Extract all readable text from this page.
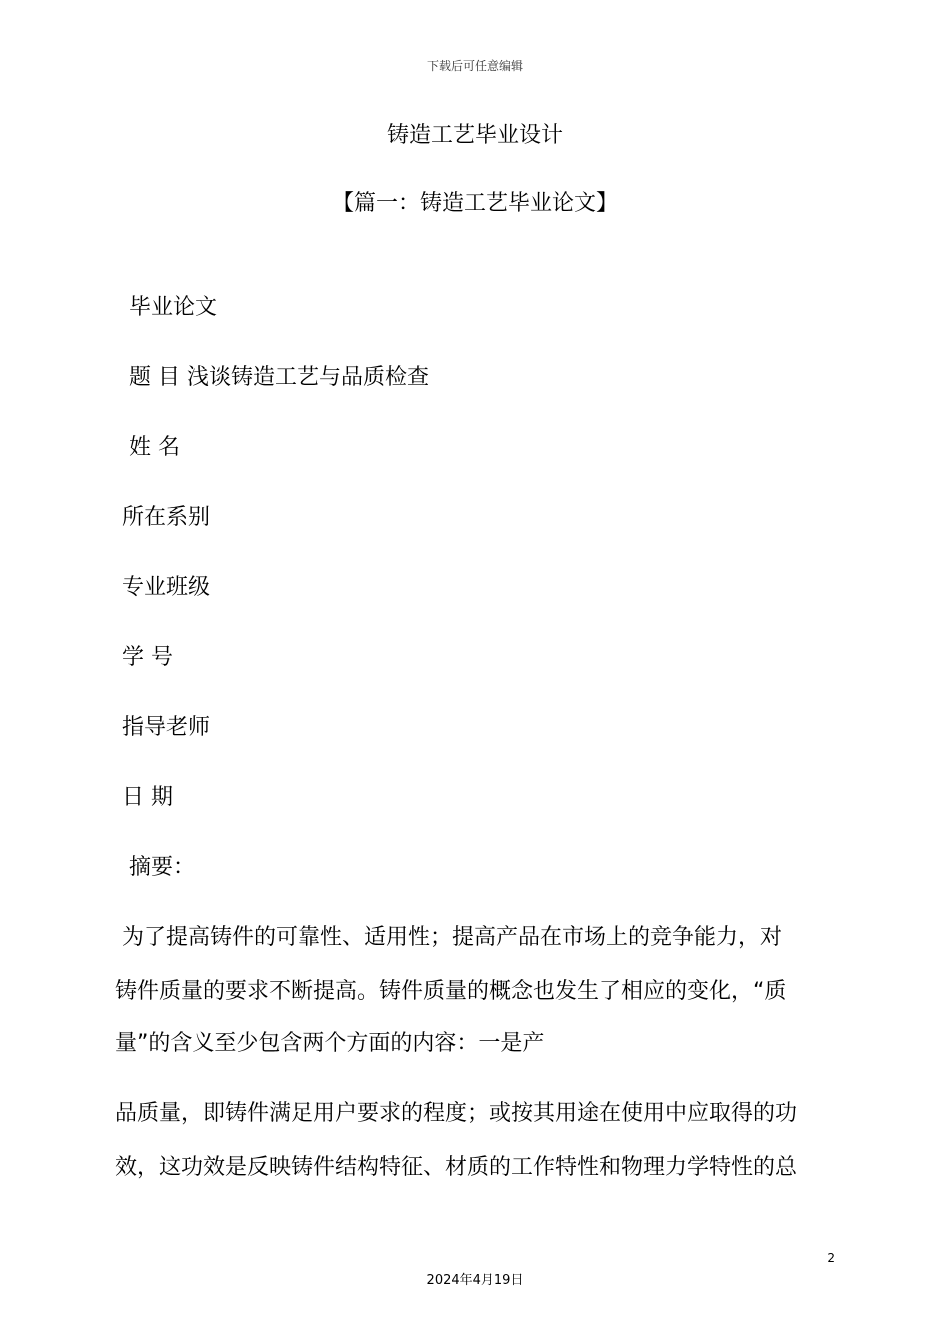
下载后可任意编辑

铸造工艺毕业设计
【篇一：铸造工艺毕业论文】

毕业论文

题 目 浅谈铸造工艺与品质检查

姓 名

所在系别

专业班级

学 号

指导老师

日 期

摘要：

为了提高铸件的可靠性、适用性；提高产品在市场上的竞争能力，对

铸件质量的要求不断提高。铸件质量的概念也发生了相应的变化，“质

量”的含义至少包含两个方面的内容：一是产

品质量，即铸件满足用户要求的程度；或按其用途在使用中应取得的功

效，这功效是反映铸件结构特征、材质的工作特性和物理力学特性的总

2

2024年4月19日
